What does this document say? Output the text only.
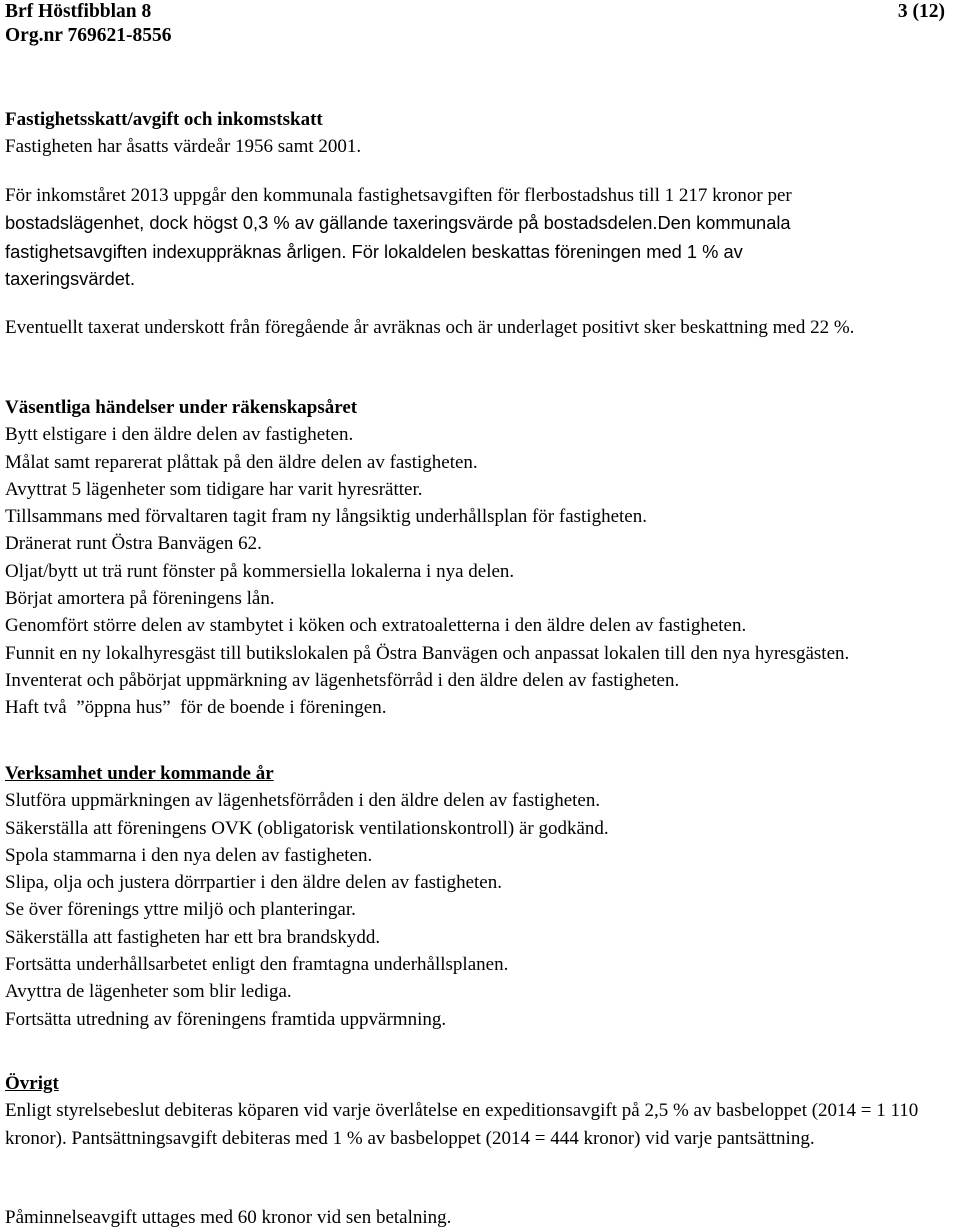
Brf Höstfibblan 8
Org.nr 769621-8556
3 (12)

Fastighetsskatt/avgift och inkomstskatt

Fastigheten har åsatts värdeår 1956 samt 2001.

För inkomståret 2013 uppgår den kommunala fastighetsavgiften för flerbostadshus till 1 217 kronor per

bostadslägenhet, dock högst 0,3 % av gällande taxeringsvärde på bostadsdelen.Den kommunala

fastighetsavgiften indexuppräknas årligen. För lokaldelen beskattas föreningen med 1 % av

taxeringsvärdet.

Eventuellt taxerat underskott från föregående år avräknas och är underlaget positivt sker beskattning med 22 %.

Väsentliga händelser under räkenskapsåret

Bytt elstigare i den äldre delen av fastigheten.

Målat samt reparerat plåttak på den äldre delen av fastigheten.

Avyttrat 5 lägenheter som tidigare har varit hyresrätter.

Tillsammans med förvaltaren tagit fram ny långsiktig underhållsplan för fastigheten.

Dränerat runt Östra Banvägen 62.

Oljat/bytt ut trä runt fönster på kommersiella lokalerna i nya delen.

Börjat amortera på föreningens lån.

Genomfört större delen av stambytet i köken och extratoaletterna i den äldre delen av fastigheten.

Funnit en ny lokalhyresgäst till butikslokalen på Östra Banvägen och anpassat lokalen till den nya hyresgästen.

Inventerat och påbörjat uppmärkning av lägenhetsförråd i den äldre delen av fastigheten.

Haft två  ”öppna hus”  för de boende i föreningen.

Verksamhet under kommande år

Slutföra uppmärkningen av lägenhetsförråden i den äldre delen av fastigheten.

Säkerställa att föreningens OVK (obligatorisk ventilationskontroll) är godkänd.

Spola stammarna i den nya delen av fastigheten.

Slipa, olja och justera dörrpartier i den äldre delen av fastigheten.

Se över förenings yttre miljö och planteringar.

Säkerställa att fastigheten har ett bra brandskydd.

Fortsätta underhållsarbetet enligt den framtagna underhållsplanen.

Avyttra de lägenheter som blir lediga.

Fortsätta utredning av föreningens framtida uppvärmning.

Övrigt

Enligt styrelsebeslut debiteras köparen vid varje överlåtelse en expeditionsavgift på 2,5 % av basbeloppet (2014 = 1 110 kronor). Pantsättningsavgift debiteras med 1 % av basbeloppet (2014 = 444 kronor) vid varje pantsättning.

Påminnelseavgift uttages med 60 kronor vid sen betalning.
